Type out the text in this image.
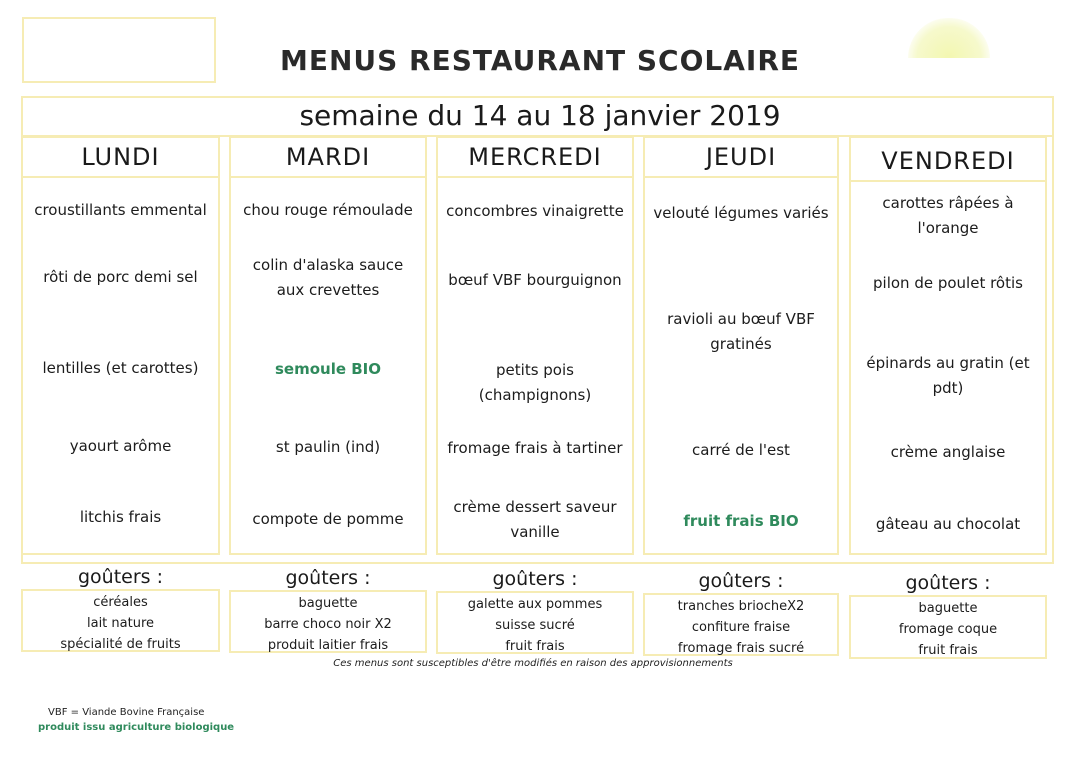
MENUS RESTAURANT SCOLAIRE
semaine du 14 au 18 janvier 2019
LUNDI
croustillants emmental
rôti de porc demi sel
lentilles (et carottes)
yaourt arôme
litchis frais
MARDI
chou rouge rémoulade
colin d'alaska sauce aux crevettes
semoule BIO
st paulin (ind)
compote de pomme
MERCREDI
concombres vinaigrette
bœuf VBF bourguignon
petits pois (champignons)
fromage frais à tartiner
crème dessert saveur vanille
JEUDI
velouté légumes variés
ravioli au bœuf VBF gratinés
carré de l'est
fruit frais BIO
VENDREDI
carottes râpées à l'orange
pilon de poulet rôtis
épinards au gratin (et pdt)
crème anglaise
gâteau au chocolat
goûters :
céréales
lait nature
spécialité de fruits
goûters :
baguette
barre choco noir X2
produit laitier frais
goûters :
galette aux pommes
suisse sucré
fruit frais
goûters :
tranches briocheX2
confiture fraise
fromage frais sucré
goûters :
baguette
fromage coque
fruit frais
Ces menus sont susceptibles d'être modifiés en raison des approvisionnements
VBF = Viande Bovine Française
produit issu agriculture biologique
